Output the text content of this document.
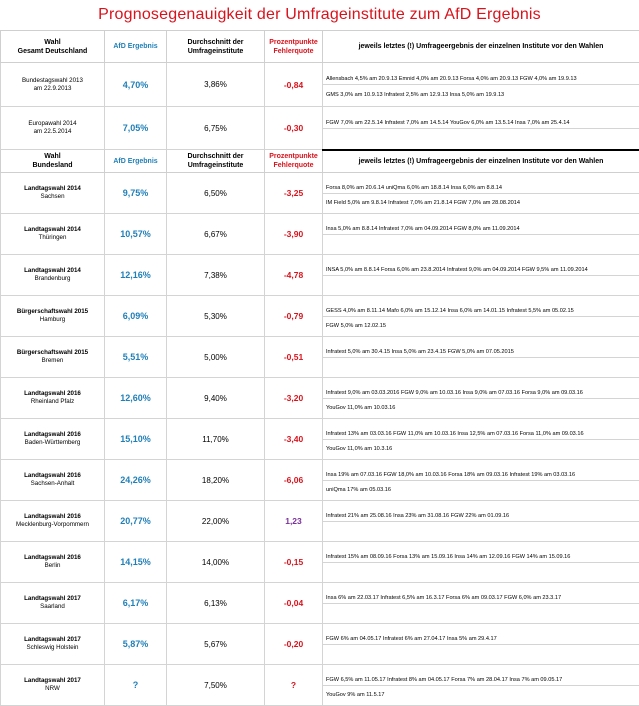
Prognosegenauigkeit der Umfrageinstitute zum AfD Ergebnis
Wahl
Gesamt Deutschland	AfD Ergebnis	Durchschnitt der
Umfrageinstitute	Prozentpunkte
Fehlerquote	jeweils letztes (!) Umfrageergebnis der einzelnen Institute vor den Wahlen
Bundestagswahl 2013
am 22.9.2013	4,70%	3,86%	-0,84	Allensbach 4,5% am 20.9.13 Emnid 4,0% am 20.9.13 Forsa 4,0% am 20.9.13 FGW 4,0% am 19.9.13
				GMS 3,0% am 10.9.13 Infratest 2,5% am 12.9.13 Insa 5,0% am 19.9.13
Europawahl 2014
am 22.5.2014	7,05%	6,75%	-0,30	FGW 7,0% am 22.5.14 Infratest 7,0% am 14.5.14 YouGov 6,0% am 13.5.14 Insa 7,0% am 25.4.14

Wahl
Bundesland	AfD Ergebnis	Durchschnitt der
Umfrageinstitute	Prozentpunkte
Fehlerquote	jeweils letztes (!) Umfrageergebnis der einzelnen Institute vor den Wahlen

Landtagswahl 2014
Sachsen	9,75%	6,50%	-3,25	Forsa 8,0% am 20.6.14 uniQma 6,0% am 18.8.14 Insa 6,0% am 8.8.14
				IM Field 5,0% am 9.8.14 Infratest 7,0% am 21.8.14 FGW 7,0% am 28.08.2014

Landtagswahl 2014
Thüringen	10,57%	6,67%	-3,90	Insa 5,0% am 8.8.14 Infratest 7,0% am 04.09.2014 FGW 8,0% am 11.09.2014

Landtagswahl 2014
Brandenburg	12,16%	7,38%	-4,78	INSA 5,0% am 8.8.14 Forsa 6,0% am 23.8.2014 Infratest 9,0% am 04.09.2014 FGW 9,5% am 11.09.2014

Bürgerschaftswahl 2015
Hamburg	6,09%	5,30%	-0,79	GESS 4,0% am 8.11.14 Mafo 6,0% am 15.12.14 Insa 6,0% am 14.01.15 Infratest 5,5% am 05.02.15
				FGW 5,0% am 12.02.15

Bürgerschaftswahl 2015
Bremen	5,51%	5,00%	-0,51	Infratest 5,0% am 30.4.15 Insa 5,0% am 23.4.15 FGW 5,0% am 07.05.2015

Landtagswahl 2016
Rheinland Pfalz	12,60%	9,40%	-3,20	Infratest 9,0% am 03.03.2016 FGW 9,0% am 10.03.16 Insa 9,0% am 07.03.16 Forsa 9,0% am 09.03.16
				YouGov 11,0% am 10.03.16

Landtagswahl 2016
Baden-Württemberg	15,10%	11,70%	-3,40	Infratest 13% am 03.03.16 FGW 11,0% am 10.03.16 Insa 12,5% am 07.03.16 Forsa 11,0% am 09.03.16
				YouGov 11,0% am 10.3.16

Landtagswahl 2016
Sachsen-Anhalt	24,26%	18,20%	-6,06	Insa 19% am 07.03.16 FGW 18,0% am 10.03.16 Forsa 18% am 09.03.16 Infratest 19% am 03.03.16
				uniQma 17% am 05.03.16

Landtagswahl 2016
Mecklenburg-Vorpommern	20,77%	22,00%	1,23	Infratest 21% am 25.08.16 Insa 23% am 31.08.16 FGW 22% am 01.09.16

Landtagswahl 2016
Berlin	14,15%	14,00%	-0,15	Infratest 15% am 08.09.16 Forsa 13% am 15.09.16 Insa 14% am 12.09.16 FGW 14% am 15.09.16

Landtagswahl 2017
Saarland	6,17%	6,13%	-0,04	Insa 6% am 22.03.17 Infratest 6,5% am 16.3.17 Forsa 6% am 09.03.17 FGW 6,0% am 23.3.17

Landtagswahl 2017
Schleswig Holstein	5,87%	5,67%	-0,20	FGW 6% am 04.05.17 Infratest 6% am 27.04.17 Insa 5% am 29.4.17

Landtagswahl 2017
NRW	?	7,50%	?	FGW 6,5% am 11.05.17 Infratest 8% am 04.05.17 Forsa 7% am 28.04.17 Insa 7% am 09.05.17
				YouGov 9% am 11.5.17
